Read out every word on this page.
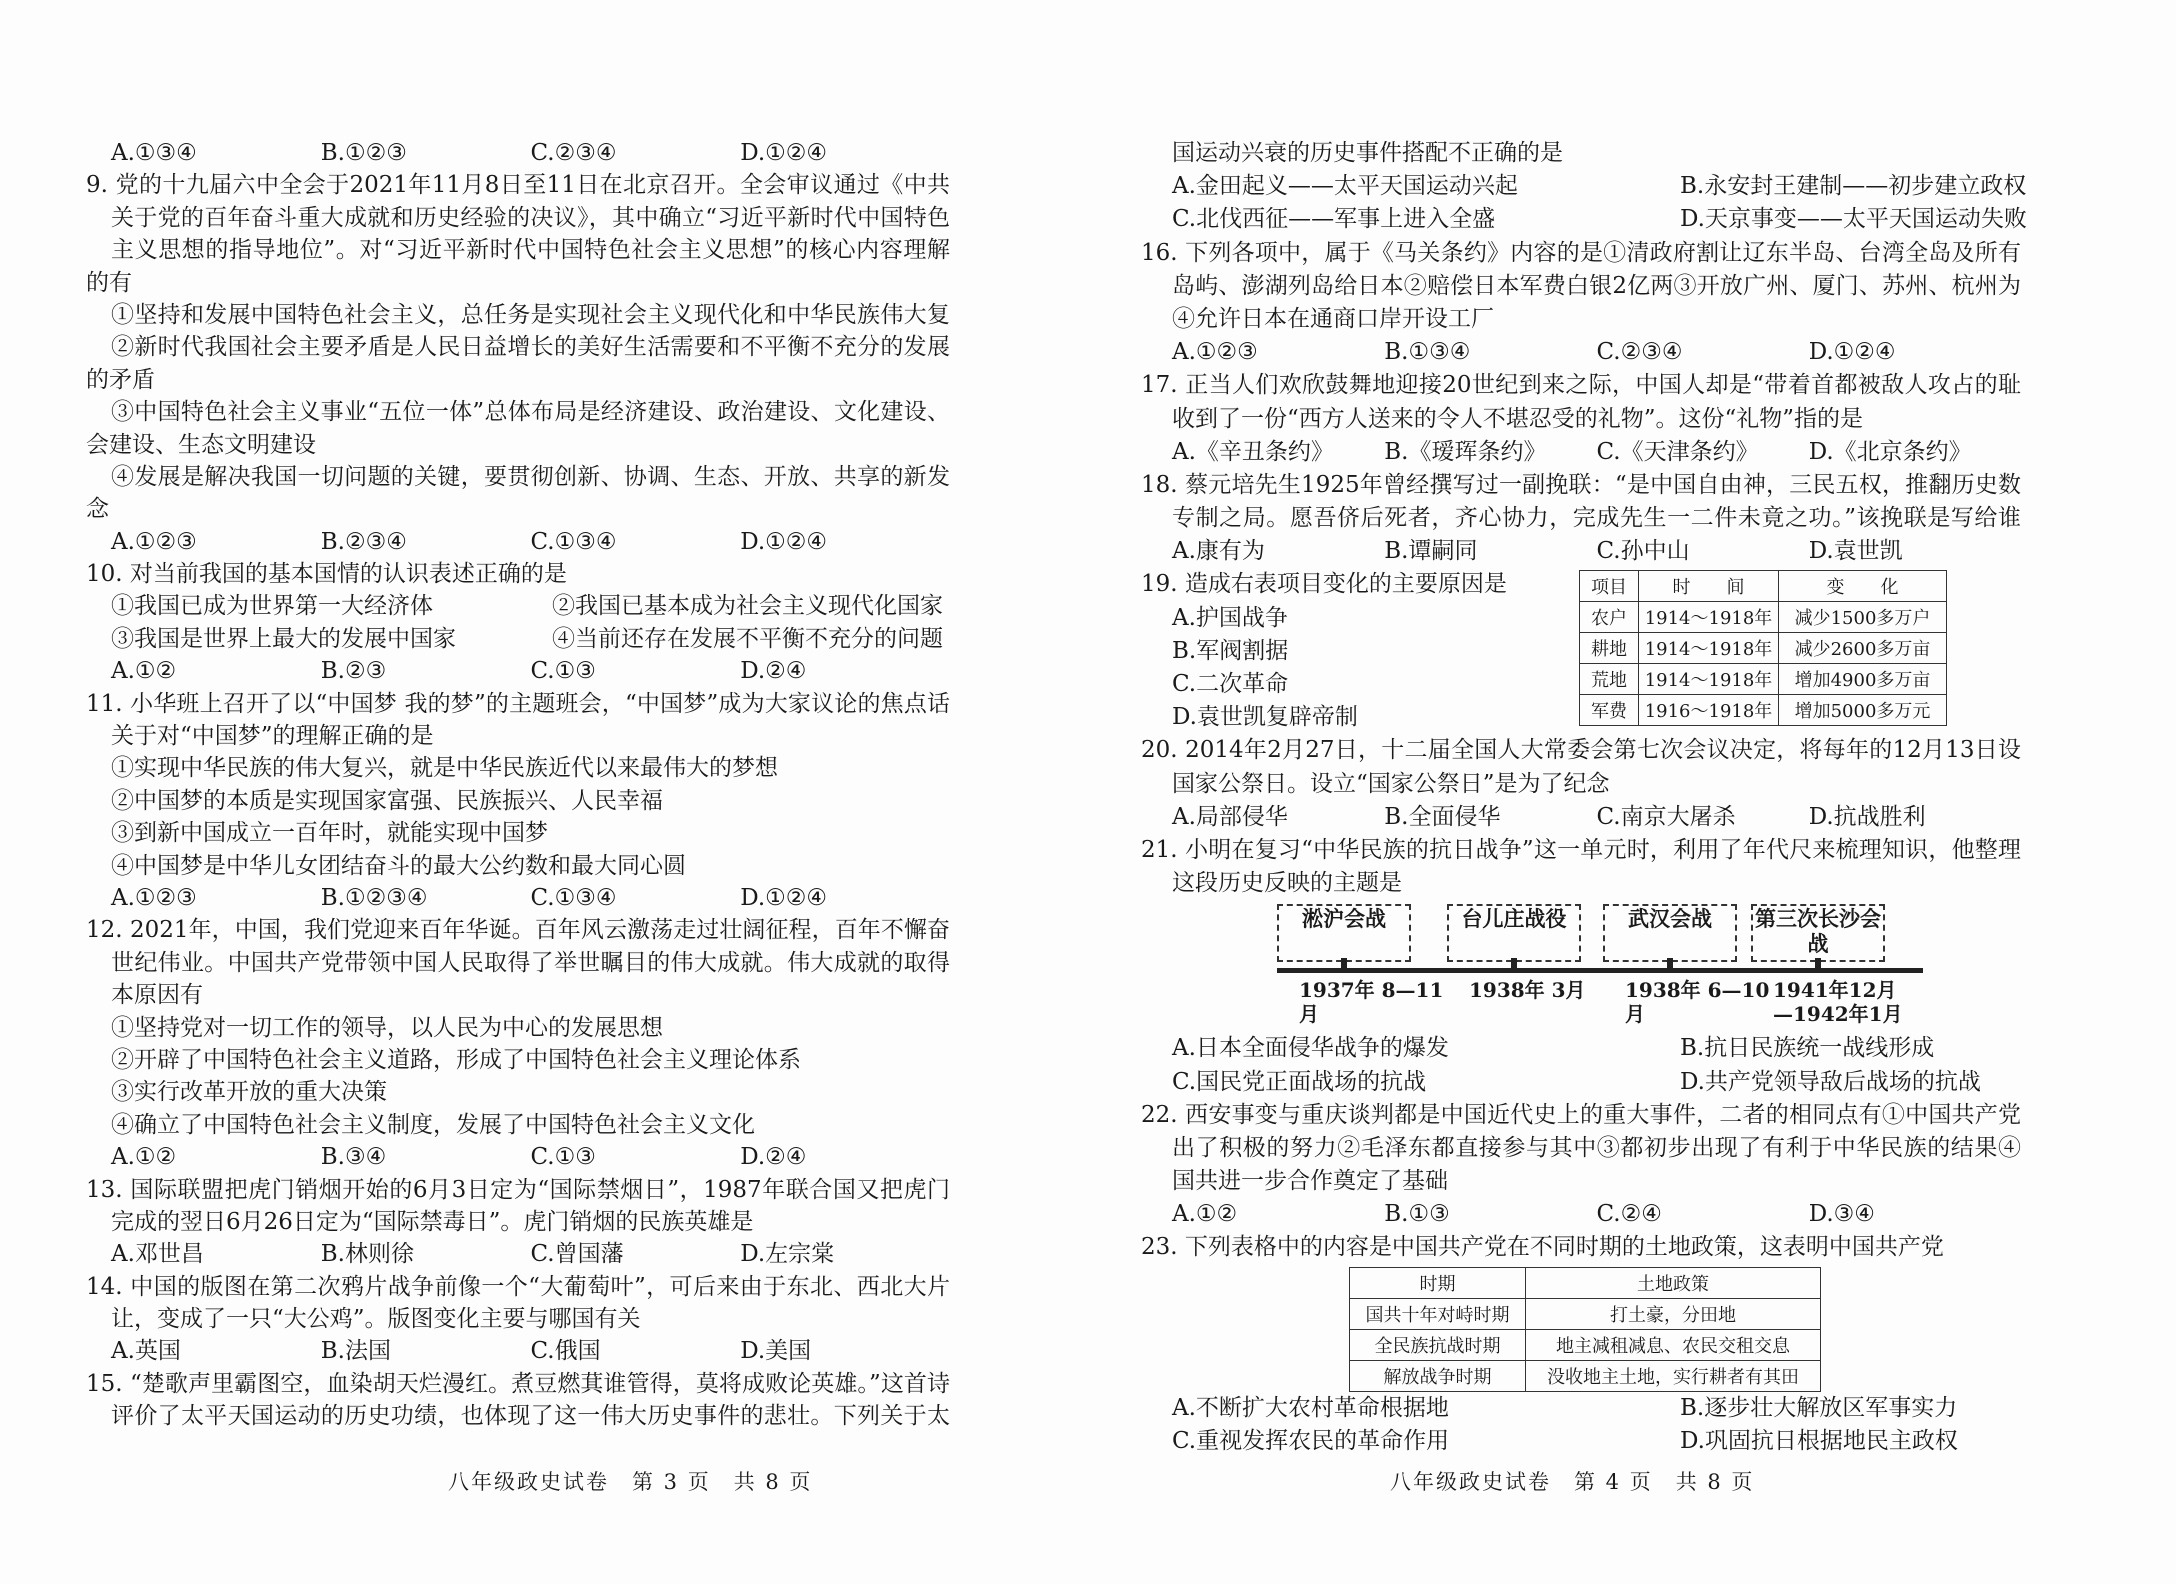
A.①③④	B.①②③	C.②③④	D.①②④
9. 党的十九届六中全会于2021年11月8日至11日在北京召开。全会审议通过《中共
关于党的百年奋斗重大成就和历史经验的决议》，其中确立“习近平新时代中国特色
主义思想的指导地位”。对“习近平新时代中国特色社会主义思想”的核心内容理解
的有
①坚持和发展中国特色社会主义，总任务是实现社会主义现代化和中华民族伟大复
②新时代我国社会主要矛盾是人民日益增长的美好生活需要和不平衡不充分的发展
的矛盾
③中国特色社会主义事业“五位一体”总体布局是经济建设、政治建设、文化建设、
会建设、生态文明建设
④发展是解决我国一切问题的关键，要贯彻创新、协调、生态、开放、共享的新发
念
A.①②③	B.②③④	C.①③④	D.①②④
10. 对当前我国的基本国情的认识表述正确的是
①我国已成为世界第一大经济体	②我国已基本成为社会主义现代化国家
③我国是世界上最大的发展中国家	④当前还存在发展不平衡不充分的问题
A.①②	B.②③	C.①③	D.②④
11. 小华班上召开了以“中国梦 我的梦”的主题班会，“中国梦”成为大家议论的焦点话
关于对“中国梦”的理解正确的是
①实现中华民族的伟大复兴，就是中华民族近代以来最伟大的梦想
②中国梦的本质是实现国家富强、民族振兴、人民幸福
③到新中国成立一百年时，就能实现中国梦
④中国梦是中华儿女团结奋斗的最大公约数和最大同心圆
A.①②③	B.①②③④	C.①③④	D.①②④
12. 2021年，中国，我们党迎来百年华诞。百年风云激荡走过壮阔征程，百年不懈奋
世纪伟业。中国共产党带领中国人民取得了举世瞩目的伟大成就。伟大成就的取得
本原因有
①坚持党对一切工作的领导，以人民为中心的发展思想
②开辟了中国特色社会主义道路，形成了中国特色社会主义理论体系
③实行改革开放的重大决策
④确立了中国特色社会主义制度，发展了中国特色社会主义文化
A.①②	B.③④	C.①③	D.②④
13. 国际联盟把虎门销烟开始的6月3日定为“国际禁烟日”，1987年联合国又把虎门
完成的翌日6月26日定为“国际禁毒日”。虎门销烟的民族英雄是
A.邓世昌	B.林则徐	C.曾国藩	D.左宗棠
14. 中国的版图在第二次鸦片战争前像一个“大葡萄叶”，可后来由于东北、西北大片
让，变成了一只“大公鸡”。版图变化主要与哪国有关
A.英国	B.法国	C.俄国	D.美国
15. “楚歌声里霸图空，血染胡天烂漫红。煮豆燃萁谁管得，莫将成败论英雄。”这首诗
评价了太平天国运动的历史功绩，也体现了这一伟大历史事件的悲壮。下列关于太
国运动兴衰的历史事件搭配不正确的是
A.金田起义——太平天国运动兴起	B.永安封王建制——初步建立政权
C.北伐西征——军事上进入全盛	D.天京事变——太平天国运动失败
16. 下列各项中，属于《马关条约》内容的是①清政府割让辽东半岛、台湾全岛及所有
岛屿、澎湖列岛给日本②赔偿日本军费白银2亿两③开放广州、厦门、苏州、杭州为
④允许日本在通商口岸开设工厂
A.①②③	B.①③④	C.②③④	D.①②④
17. 正当人们欢欣鼓舞地迎接20世纪到来之际，中国人却是“带着首都被敌人攻占的耻
收到了一份“西方人送来的令人不堪忍受的礼物”。这份“礼物”指的是
A.《辛丑条约》	B.《瑷珲条约》	C.《天津条约》	D.《北京条约》
18. 蔡元培先生1925年曾经撰写过一副挽联：“是中国自由神，三民五权，推翻历史数
专制之局。愿吾侪后死者，齐心协力，完成先生一二件未竟之功。”该挽联是写给谁
A.康有为	B.谭嗣同	C.孙中山	D.袁世凯
项目	时　　间	变　　化
农户	1914～1918年	减少1500多万户
耕地	1914～1918年	减少2600多万亩
荒地	1914～1918年	增加4900多万亩
军费	1916～1918年	增加5000多万元
19. 造成右表项目变化的主要原因是
A.护国战争
B.军阀割据
C.二次革命
D.袁世凯复辟帝制
20. 2014年2月27日，十二届全国人大常委会第七次会议决定，将每年的12月13日设
国家公祭日。设立“国家公祭日”是为了纪念
A.局部侵华	B.全面侵华	C.南京大屠杀	D.抗战胜利
21. 小明在复习“中华民族的抗日战争”这一单元时，利用了年代尺来梳理知识，他整理
这段历史反映的主题是
淞沪会战
1937年 8—11月
台儿庄战役
1938年 3月
武汉会战
1938年 6—10月
第三次长沙会战
1941年12月 —1942年1月
A.日本全面侵华战争的爆发	B.抗日民族统一战线形成
C.国民党正面战场的抗战	D.共产党领导敌后战场的抗战
22. 西安事变与重庆谈判都是中国近代史上的重大事件，二者的相同点有①中国共产党
出了积极的努力②毛泽东都直接参与其中③都初步出现了有利于中华民族的结果④
国共进一步合作奠定了基础
A.①②	B.①③	C.②④	D.③④
23. 下列表格中的内容是中国共产党在不同时期的土地政策，这表明中国共产党
时期	土地政策
国共十年对峙时期	打土豪，分田地
全民族抗战时期	地主减租减息、农民交租交息
解放战争时期	没收地主土地，实行耕者有其田
A.不断扩大农村革命根据地	B.逐步壮大解放区军事实力
C.重视发挥农民的革命作用	D.巩固抗日根据地民主政权
八年级政史试卷　第 3 页　共 8 页	八年级政史试卷　第 4 页　共 8 页
